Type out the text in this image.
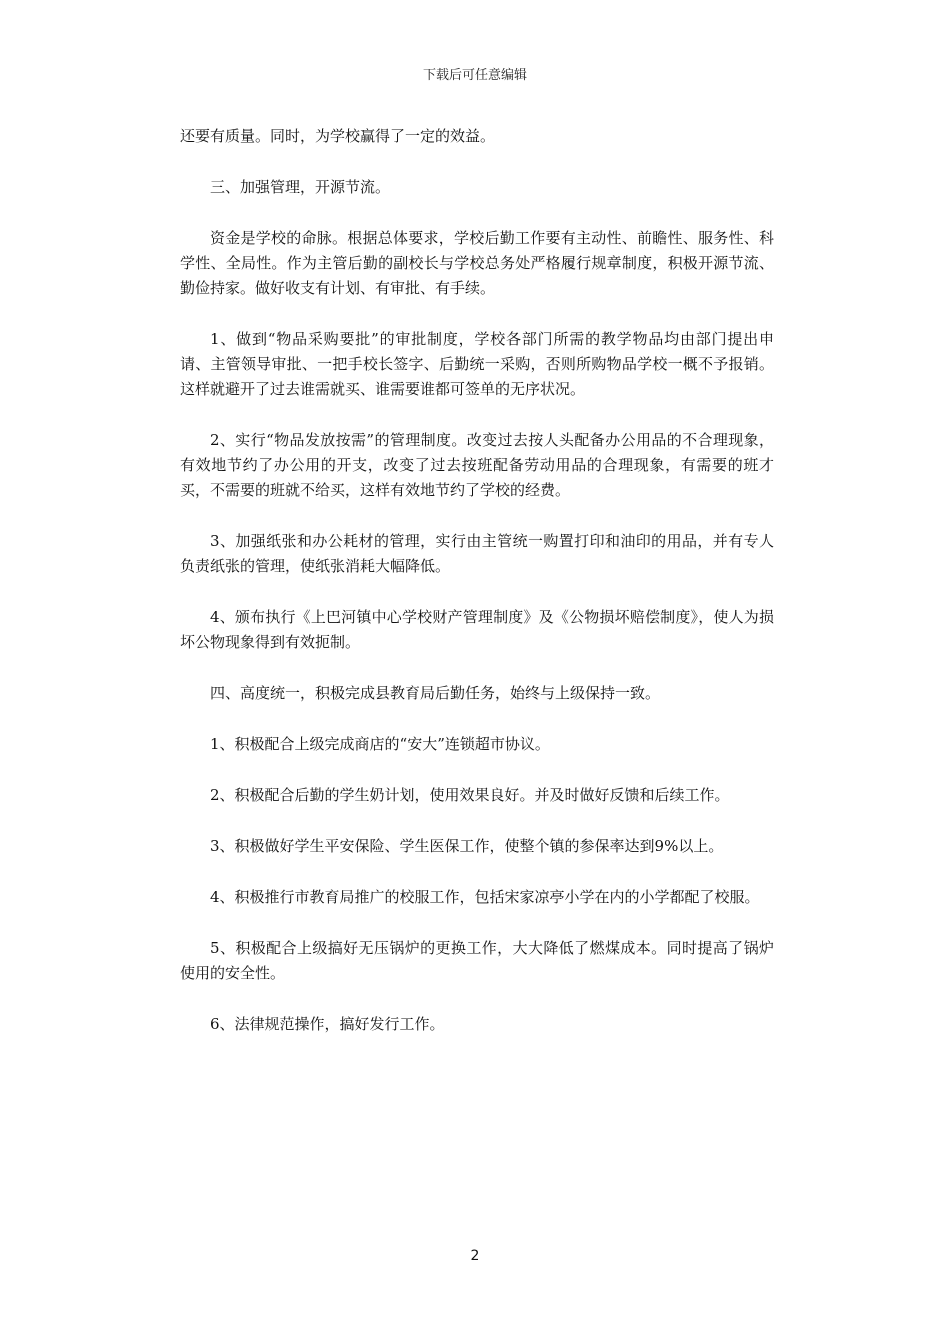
下载后可任意编辑

还要有质量。同时，为学校赢得了一定的效益。

三、加强管理，开源节流。

资金是学校的命脉。根据总体要求，学校后勤工作要有主动性、前瞻性、服务性、科学性、全局性。作为主管后勤的副校长与学校总务处严格履行规章制度，积极开源节流、勤俭持家。做好收支有计划、有审批、有手续。

1、做到“物品采购要批”的审批制度，学校各部门所需的教学物品均由部门提出申请、主管领导审批、一把手校长签字、后勤统一采购，否则所购物品学校一概不予报销。这样就避开了过去谁需就买、谁需要谁都可签单的无序状况。

2、实行“物品发放按需”的管理制度。改变过去按人头配备办公用品的不合理现象，有效地节约了办公用的开支，改变了过去按班配备劳动用品的合理现象，有需要的班才买，不需要的班就不给买，这样有效地节约了学校的经费。

3、加强纸张和办公耗材的管理，实行由主管统一购置打印和油印的用品，并有专人负责纸张的管理，使纸张消耗大幅降低。

4、颁布执行《上巴河镇中心学校财产管理制度》及《公物损坏赔偿制度》，使人为损坏公物现象得到有效扼制。

四、高度统一，积极完成县教育局后勤任务，始终与上级保持一致。

1、积极配合上级完成商店的“安大”连锁超市协议。

2、积极配合后勤的学生奶计划，使用效果良好。并及时做好反馈和后续工作。

3、积极做好学生平安保险、学生医保工作，使整个镇的参保率达到9%以上。

4、积极推行市教育局推广的校服工作，包括宋家凉亭小学在内的小学都配了校服。

5、积极配合上级搞好无压锅炉的更换工作，大大降低了燃煤成本。同时提高了锅炉使用的安全性。

6、法律规范操作，搞好发行工作。

2
